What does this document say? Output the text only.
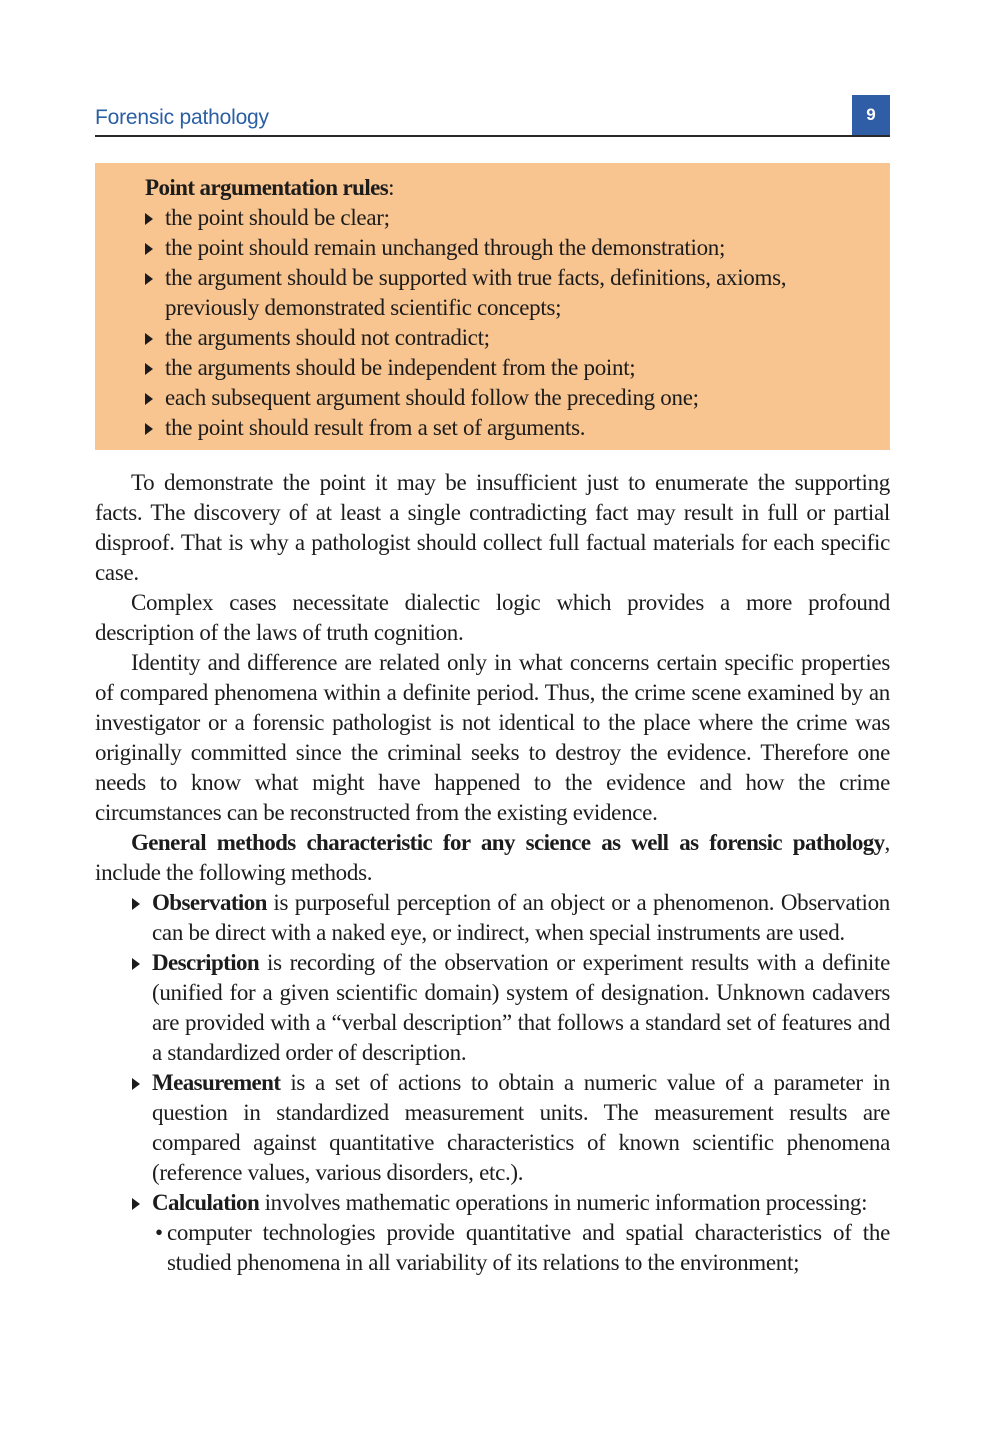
Forensic pathology	9
Point argumentation rules:
the point should be clear;
the point should remain unchanged through the demonstration;
the argument should be supported with true facts, definitions, axioms, previously demonstrated scientific concepts;
the arguments should not contradict;
the arguments should be independent from the point;
each subsequent argument should follow the preceding one;
the point should result from a set of arguments.

To demonstrate the point it may be insufficient just to enumerate the supporting facts. The discovery of at least a single contradicting fact may result in full or partial disproof. That is why a pathologist should collect full factual materials for each specific case.

Complex cases necessitate dialectic logic which provides a more profound description of the laws of truth cognition.

Identity and difference are related only in what concerns certain specific properties of compared phenomena within a definite period. Thus, the crime scene examined by an investigator or a forensic pathologist is not identical to the place where the crime was originally committed since the criminal seeks to destroy the evidence. Therefore one needs to know what might have happened to the evidence and how the crime circumstances can be reconstructed from the existing evidence.

General methods characteristic for any science as well as forensic pathology, include the following methods.

Observation is purposeful perception of an object or a phenomenon. Observation can be direct with a naked eye, or indirect, when special instruments are used.
Description is recording of the observation or experiment results with a definite (unified for a given scientific domain) system of designation. Unknown cadavers are provided with a “verbal description” that follows a standard set of features and a standardized order of description.
Measurement is a set of actions to obtain a numeric value of a parameter in question in standardized measurement units. The measurement results are compared against quantitative characteristics of known scientific phenomena (reference values, various disorders, etc.).
Calculation involves mathematic operations in numeric information processing:
• computer technologies provide quantitative and spatial characteristics of the studied phenomena in all variability of its relations to the environment;
